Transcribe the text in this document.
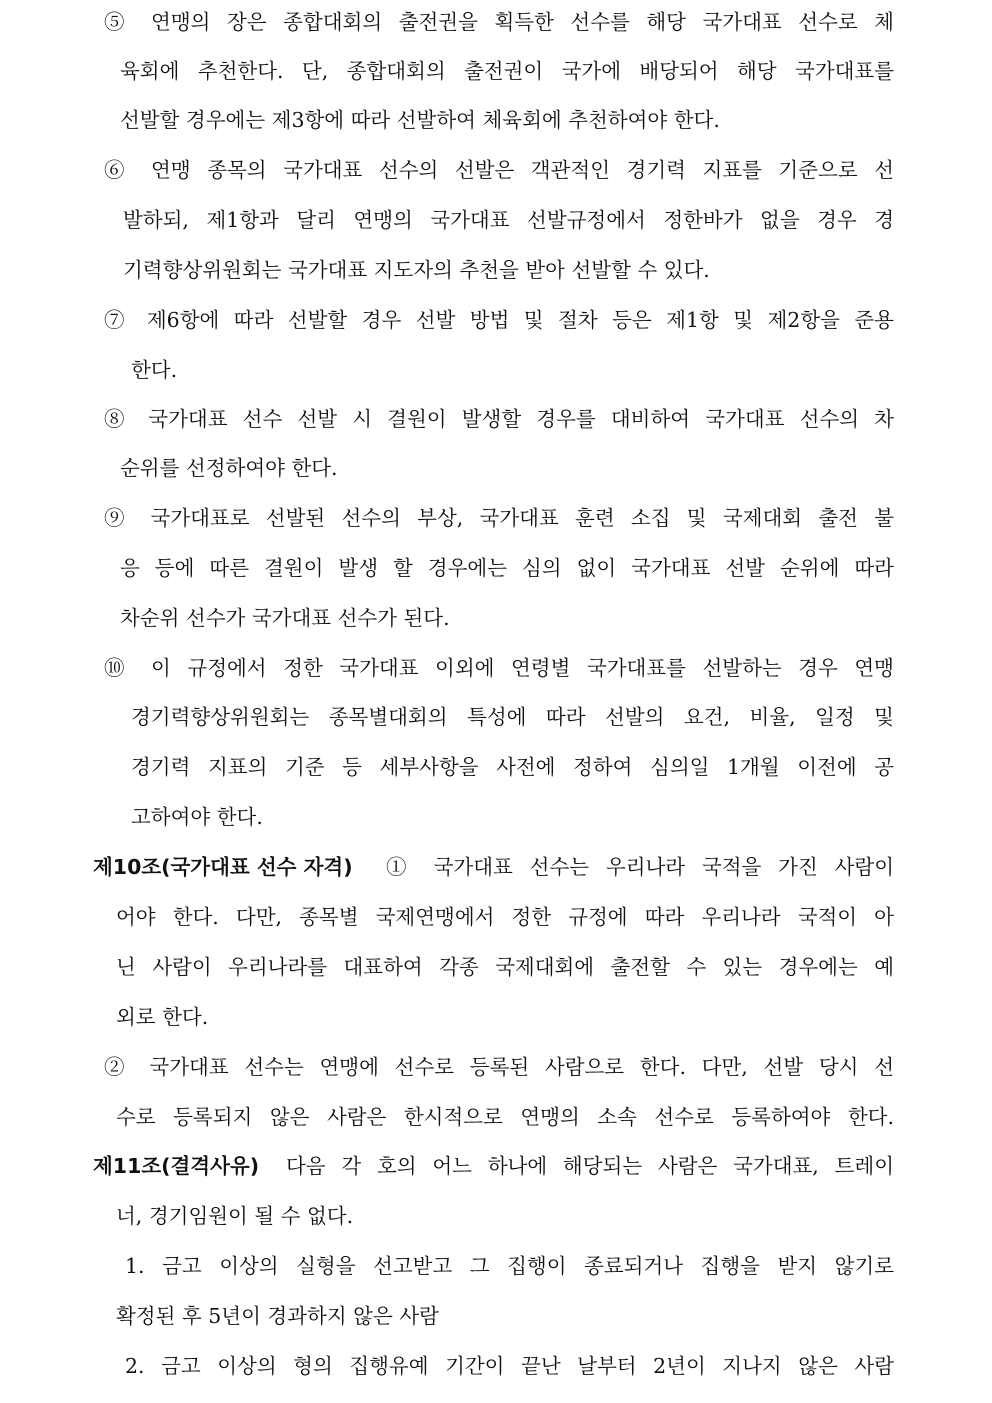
⑤ 연맹의 장은 종합대회의 출전권을 획득한 선수를 해당 국가대표 선수로 체
육회에 추천한다. 단, 종합대회의 출전권이 국가에 배당되어 해당 국가대표를
선발할 경우에는 제3항에 따라 선발하여 체육회에 추천하여야 한다.
⑥ 연맹 종목의 국가대표 선수의 선발은 객관적인 경기력 지표를 기준으로 선
발하되, 제1항과 달리 연맹의 국가대표 선발규정에서 정한바가 없을 경우 경
기력향상위원회는 국가대표 지도자의 추천을 받아 선발할 수 있다.
⑦ 제6항에 따라 선발할 경우 선발 방법 및 절차 등은 제1항 및 제2항을 준용
한다.
⑧ 국가대표 선수 선발 시 결원이 발생할 경우를 대비하여 국가대표 선수의 차
순위를 선정하여야 한다.
⑨ 국가대표로 선발된 선수의 부상, 국가대표 훈련 소집 및 국제대회 출전 불
응 등에 따른 결원이 발생 할 경우에는 심의 없이 국가대표 선발 순위에 따라
차순위 선수가 국가대표 선수가 된다.
⑩ 이 규정에서 정한 국가대표 이외에 연령별 국가대표를 선발하는 경우 연맹
경기력향상위원회는 종목별대회의 특성에 따라 선발의 요건, 비율, 일정 및
경기력 지표의 기준 등 세부사항을 사전에 정하여 심의일 1개월 이전에 공
고하여야 한다.
제10조(국가대표 선수 자격)	① 국가대표 선수는 우리나라 국적을 가진 사람이
어야 한다. 다만, 종목별 국제연맹에서 정한 규정에 따라 우리나라 국적이 아
닌 사람이 우리나라를 대표하여 각종 국제대회에 출전할 수 있는 경우에는 예
외로 한다.
② 국가대표 선수는 연맹에 선수로 등록된 사람으로 한다. 다만, 선발 당시 선
수로 등록되지 않은 사람은 한시적으로 연맹의 소속 선수로 등록하여야 한다.
제11조(결격사유)	다음 각 호의 어느 하나에 해당되는 사람은 국가대표, 트레이
너, 경기임원이 될 수 없다.
1. 금고 이상의 실형을 선고받고 그 집행이 종료되거나 집행을 받지 않기로
확정된 후 5년이 경과하지 않은 사람
2. 금고 이상의 형의 집행유예 기간이 끝난 날부터 2년이 지나지 않은 사람
